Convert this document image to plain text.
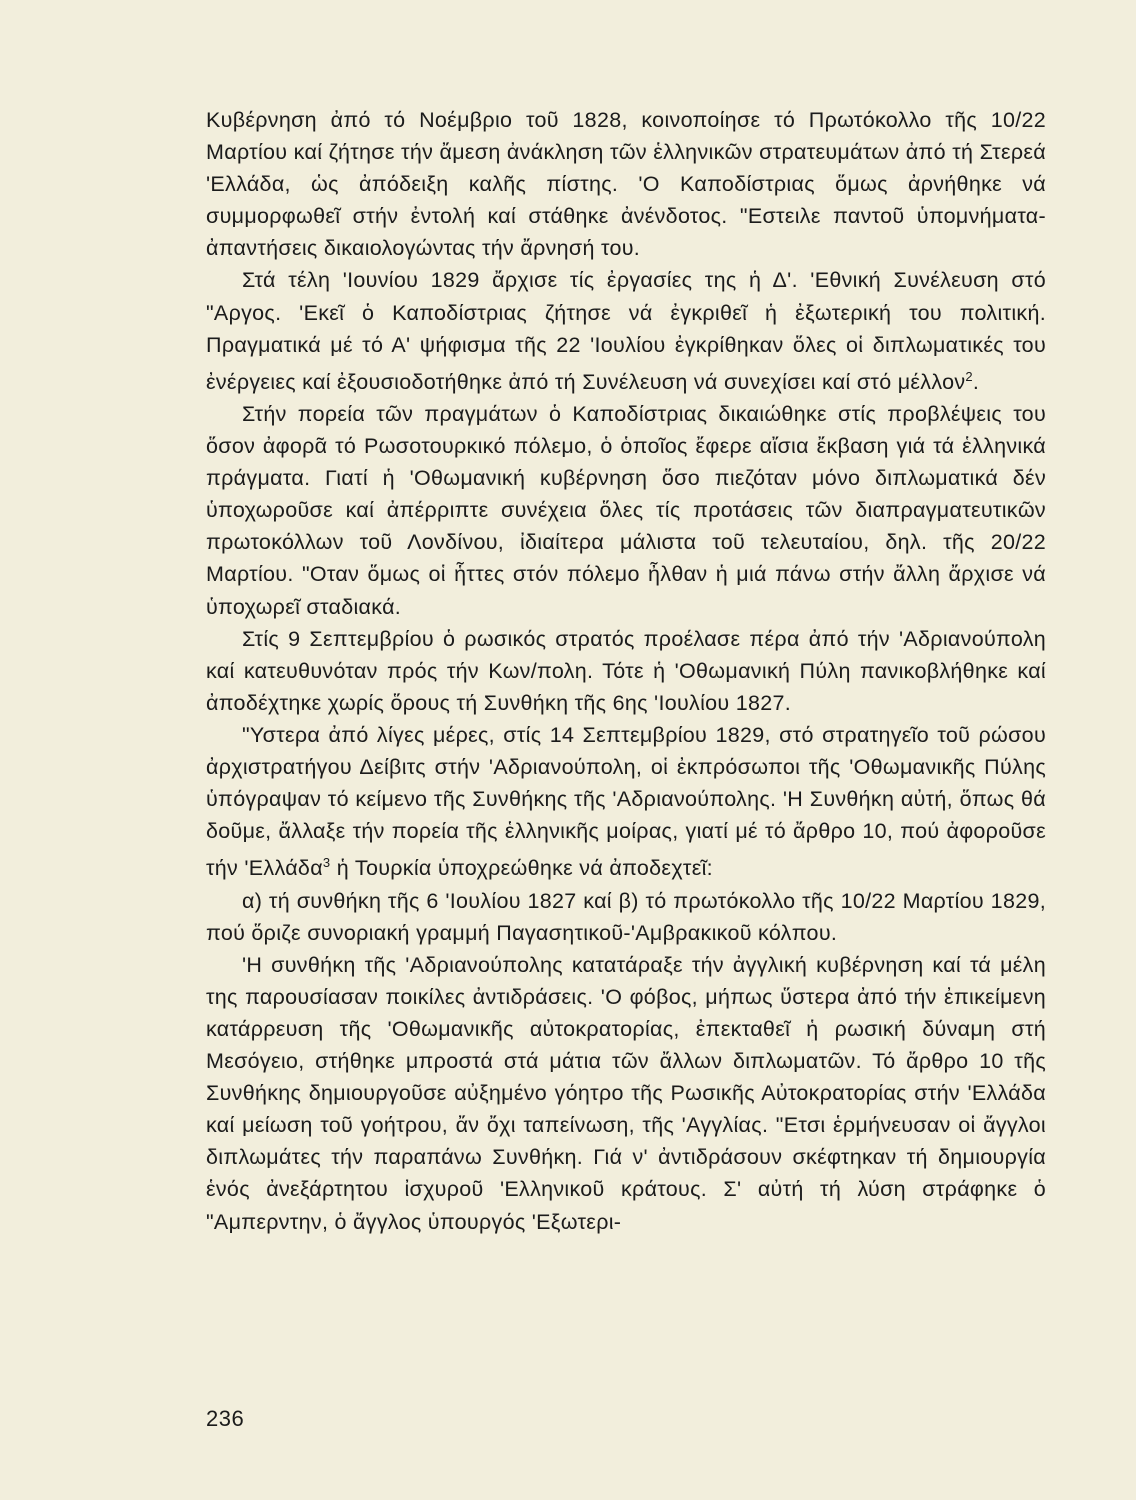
Κυβέρνηση ἀπό τό Νοέμβριο τοῦ 1828, κοινοποίησε τό Πρωτόκολλο τῆς 10/22 Μαρτίου καί ζήτησε τήν ἄμεση ἀνάκληση τῶν ἑλληνικῶν στρατευμάτων ἀπό τή Στερεά 'Ελλάδα, ὡς ἀπόδειξη καλῆς πίστης. 'Ο Καποδίστριας ὅμως ἀρνήθηκε νά συμμορφωθεῖ στήν ἐντολή καί στάθηκε ἀνένδοτος. ʺΕστειλε παντοῦ ὑπομνήματα-ἀπαντήσεις δικαιολογώντας τήν ἄρνησή του.

Στά τέλη 'Ιουνίου 1829 ἄρχισε τίς ἐργασίες της ἡ Δ'. 'Εθνική Συνέλευση στό ʺΑργος. 'Εκεῖ ὁ Καποδίστριας ζήτησε νά ἐγκριθεῖ ἡ ἐξωτερική του πολιτική. Πραγματικά μέ τό Α' ψήφισμα τῆς 22 'Ιουλίου ἐγκρίθηκαν ὅλες οἱ διπλωματικές του ἐνέργειες καί ἐξουσιοδοτήθηκε ἀπό τή Συνέλευση νά συνεχίσει καί στό μέλλον$^2$.

Στήν πορεία τῶν πραγμάτων ὁ Καποδίστριας δικαιώθηκε στίς προβλέψεις του ὅσον ἀφορᾶ τό Ρωσοτουρκικό πόλεμο, ὁ ὁποῖος ἔφερε αἴσια ἔκβαση γιά τά ἑλληνικά πράγματα. Γιατί ἡ 'Οθωμανική κυβέρνηση ὅσο πιεζόταν μόνο διπλωματικά δέν ὑποχωροῦσε καί ἀπέρριπτε συνέχεια ὅλες τίς προτάσεις τῶν διαπραγματευτικῶν πρωτοκόλλων τοῦ Λονδίνου, ἰδιαίτερα μάλιστα τοῦ τελευταίου, δηλ. τῆς 20/22 Μαρτίου. ʺΟταν ὅμως οἱ ἧττες στόν πόλεμο ἦλθαν ἡ μιά πάνω στήν ἄλλη ἄρχισε νά ὑποχωρεῖ σταδιακά.

Στίς 9 Σεπτεμβρίου ὁ ρωσικός στρατός προέλασε πέρα ἀπό τήν 'Αδριανούπολη καί κατευθυνόταν πρός τήν Κων/πολη. Τότε ἡ 'Οθωμανική Πύλη πανικοβλήθηκε καί ἀποδέχτηκε χωρίς ὅρους τή Συνθήκη τῆς 6ης 'Ιουλίου 1827.

ʺΥστερα ἀπό λίγες μέρες, στίς 14 Σεπτεμβρίου 1829, στό στρατηγεῖο τοῦ ρώσου ἀρχιστρατήγου Δείβιτς στήν 'Αδριανούπολη, οἱ ἐκπρόσωποι τῆς 'Οθωμανικῆς Πύλης ὑπόγραψαν τό κείμενο τῆς Συνθήκης τῆς 'Αδριανούπολης. 'Η Συνθήκη αὐτή, ὅπως θά δοῦμε, ἄλλαξε τήν πορεία τῆς ἑλληνικῆς μοίρας, γιατί μέ τό ἄρθρο 10, πού ἀφοροῦσε τήν 'Ελλάδα$^3$ ἡ Τουρκία ὑποχρεώθηκε νά ἀποδεχτεῖ:

α) τή συνθήκη τῆς 6 'Ιουλίου 1827 καί β) τό πρωτόκολλο τῆς 10/22 Μαρτίου 1829, πού ὅριζε συνοριακή γραμμή Παγασητικοῦ-'Αμβρακικοῦ κόλπου.

'Η συνθήκη τῆς 'Αδριανούπολης κατατάραξε τήν ἀγγλική κυβέρνηση καί τά μέλη της παρουσίασαν ποικίλες ἀντιδράσεις. 'Ο φόβος, μήπως ὕστερα ἀπό τήν ἐπικείμενη κατάρρευση τῆς 'Οθωμανικῆς αὐτοκρατορίας, ἐπεκταθεῖ ἡ ρωσική δύναμη στή Μεσόγειο, στήθηκε μπροστά στά μάτια τῶν ἄλλων διπλωματῶν. Τό ἄρθρο 10 τῆς Συνθήκης δημιουργοῦσε αὐξημένο γόητρο τῆς Ρωσικῆς Αὐτοκρατορίας στήν 'Ελλάδα καί μείωση τοῦ γοήτρου, ἄν ὄχι ταπείνωση, τῆς 'Αγγλίας. ʺΕτσι ἑρμήνευσαν οἱ ἄγγλοι διπλωμάτες τήν παραπάνω Συνθήκη. Γιά ν' ἀντιδράσουν σκέφτηκαν τή δημιουργία ἑνός ἀνεξάρτητου ἰσχυροῦ 'Ελληνικοῦ κράτους. Σ' αὐτή τή λύση στράφηκε ὁ ʺΑμπερντην, ὁ ἄγγλος ὑπουργός 'Εξωτερι-

236
